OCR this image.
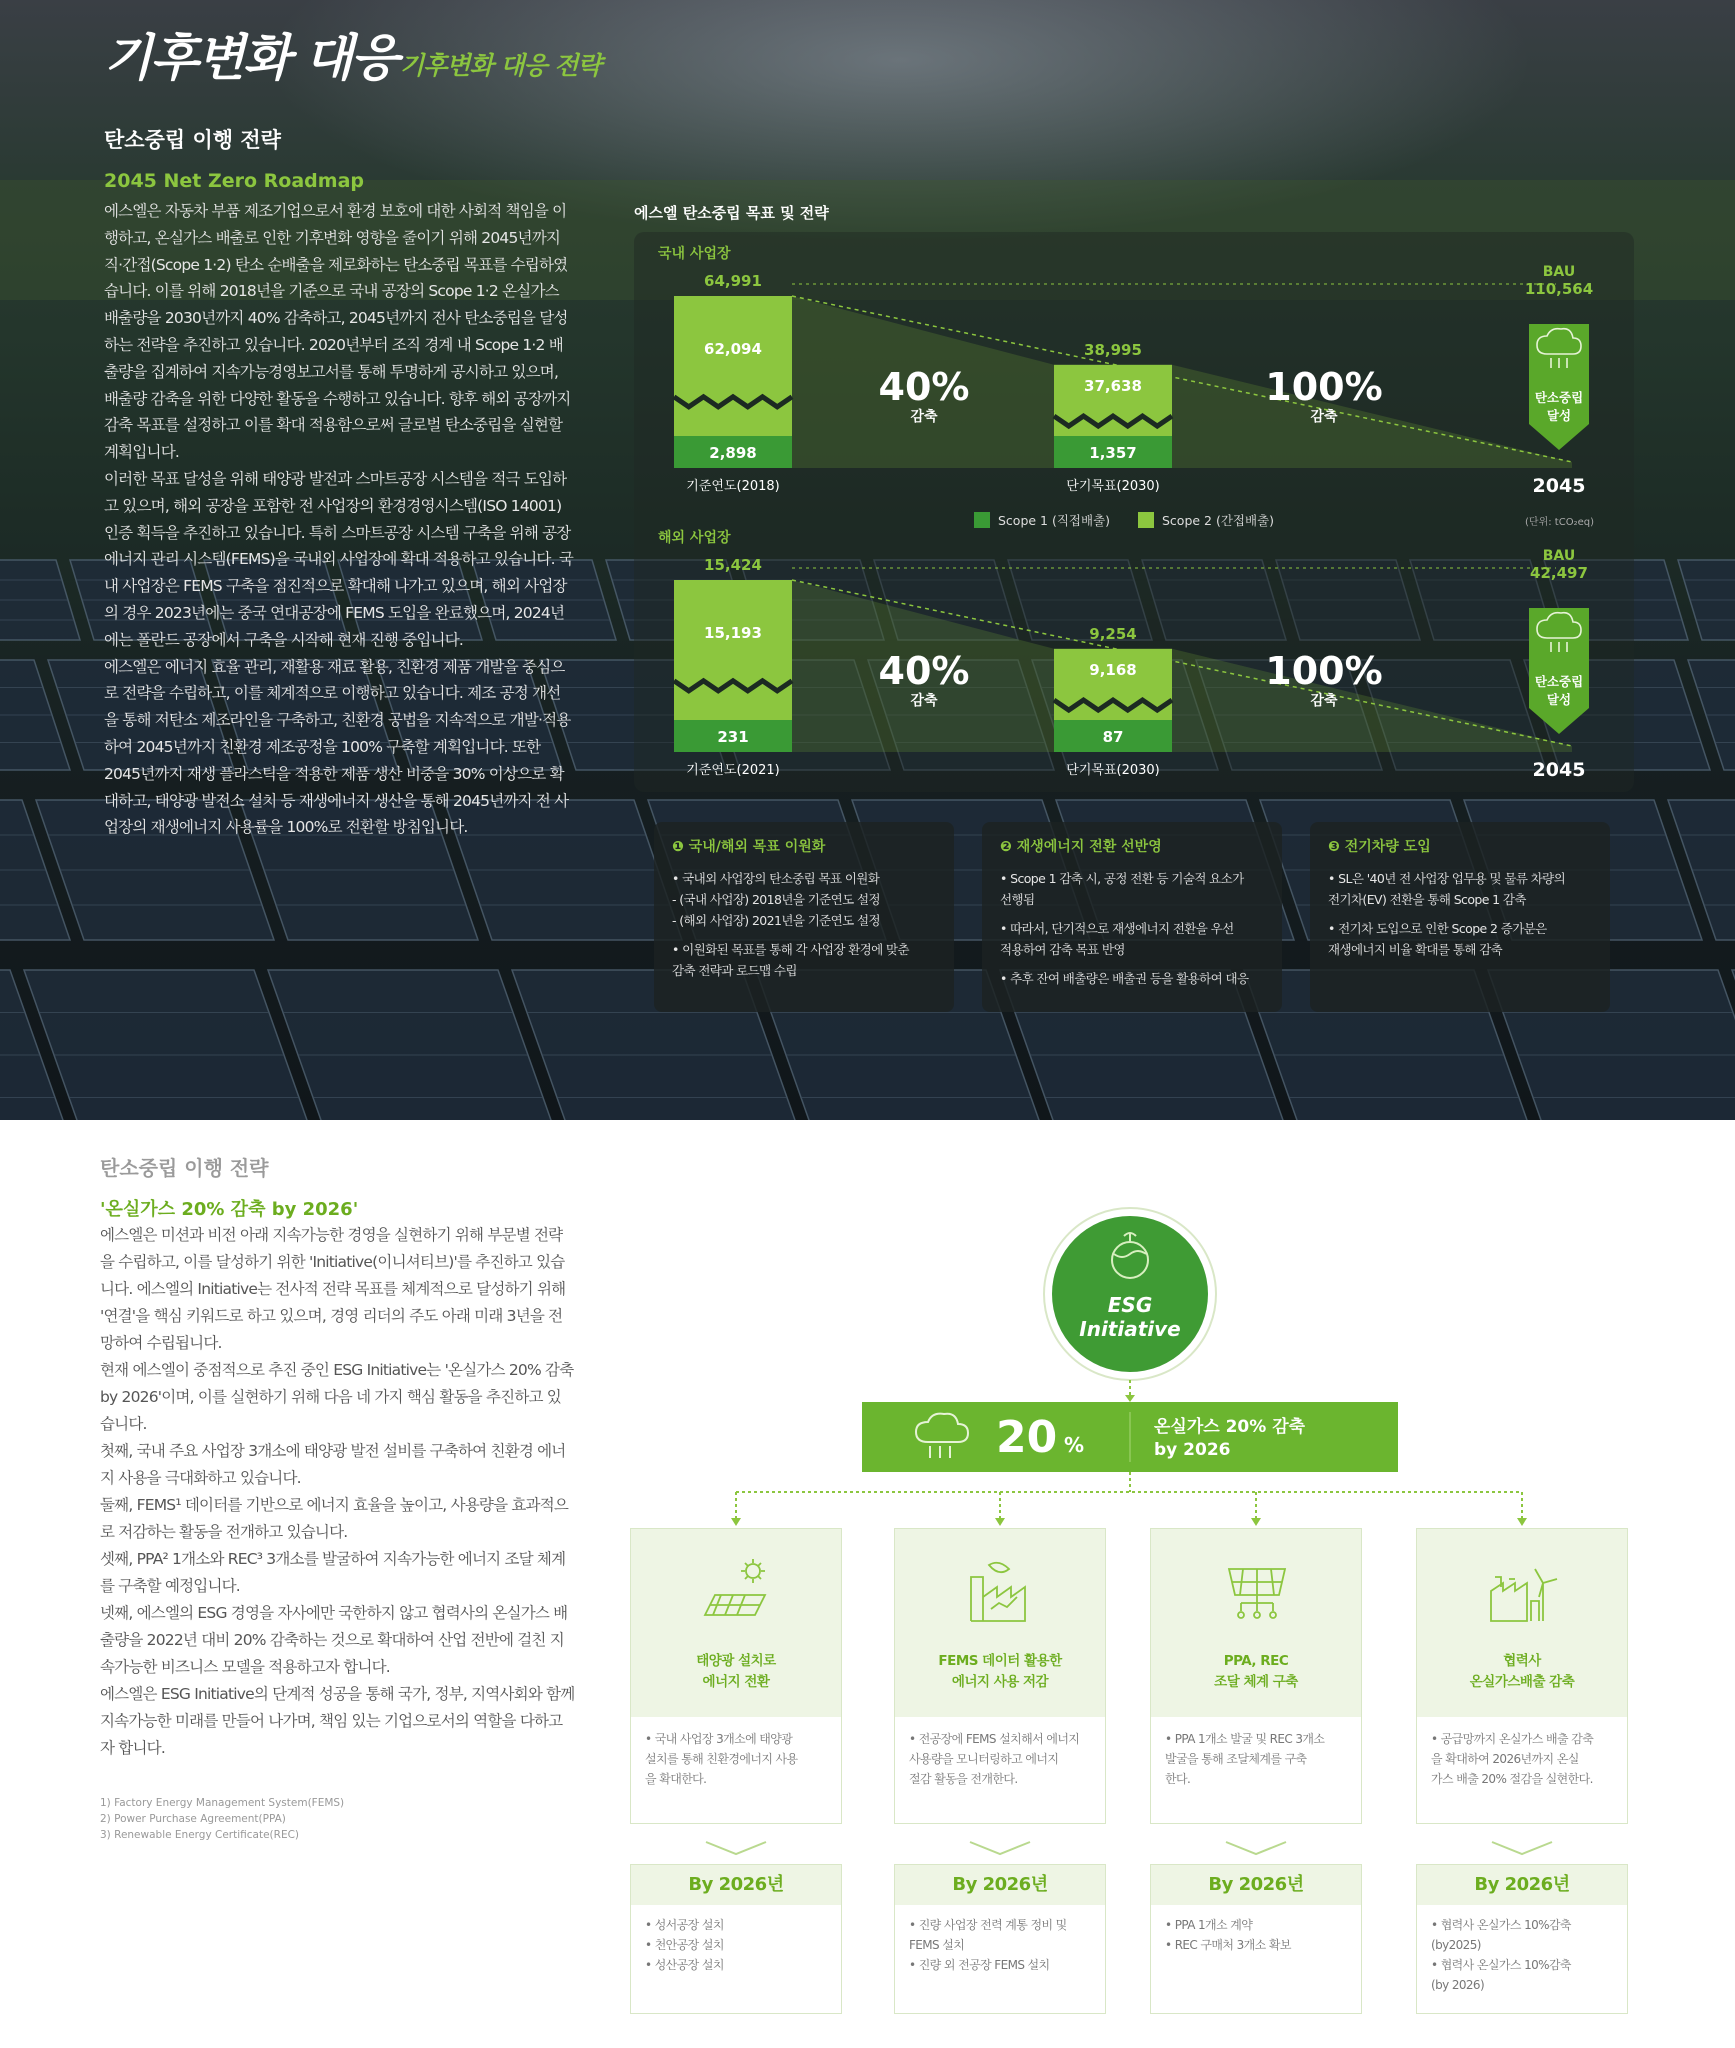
기후변화 대응 기후변화 대응 전략
탄소중립 이행 전략
2045 Net Zero Roadmap

에스엘은 자동차 부품 제조기업으로서 환경 보호에 대한 사회적 책임을 이행하고, 온실가스 배출로 인한 기후변화 영향을 줄이기 위해 2045년까지 직·간접(Scope 1·2) 탄소 순배출을 제로화하는 탄소중립 목표를 수립하였습니다. 이를 위해 2018년을 기준으로 국내 공장의 Scope 1·2 온실가스 배출량을 2030년까지 40% 감축하고, 2045년까지 전사 탄소중립을 달성하는 전략을 추진하고 있습니다. 2020년부터 조직 경계 내 Scope 1·2 배출량을 집계하여 지속가능경영보고서를 통해 투명하게 공시하고 있으며, 배출량 감축을 위한 다양한 활동을 수행하고 있습니다. 향후 해외 공장까지 감축 목표를 설정하고 이를 확대 적용함으로써 글로벌 탄소중립을 실현할 계획입니다.

이러한 목표 달성을 위해 태양광 발전과 스마트공장 시스템을 적극 도입하고 있으며, 해외 공장을 포함한 전 사업장의 환경경영시스템(ISO 14001) 인증 획득을 추진하고 있습니다. 특히 스마트공장 시스템 구축을 위해 공장 에너지 관리 시스템(FEMS)을 국내외 사업장에 확대 적용하고 있습니다. 국내 사업장은 FEMS 구축을 점진적으로 확대해 나가고 있으며, 해외 사업장의 경우 2023년에는 중국 연대공장에 FEMS 도입을 완료했으며, 2024년에는 폴란드 공장에서 구축을 시작해 현재 진행 중입니다.

에스엘은 에너지 효율 관리, 재활용 재료 활용, 친환경 제품 개발을 중심으로 전략을 수립하고, 이를 체계적으로 이행하고 있습니다. 제조 공정 개선을 통해 저탄소 제조라인을 구축하고, 친환경 공법을 지속적으로 개발·적용하여 2045년까지 친환경 제조공정을 100% 구축할 계획입니다. 또한 2045년까지 재생 플라스틱을 적용한 제품 생산 비중을 30% 이상으로 확대하고, 태양광 발전소 설치 등 재생에너지 생산을 통해 2045년까지 전 사업장의 재생에너지 사용률을 100%로 전환할 방침입니다.

에스엘 탄소중립 목표 및 전략
국내 사업장
64,991
62,094
2,898
기준연도(2018)
38,995
37,638
1,357
단기목표(2030)
40%
감축
100%
감축
BAU
110,564
탄소중립
달성
2045
해외 사업장
15,424
15,193
231
기준연도(2021)
9,254
9,168
87
단기목표(2030)
40%
감축
100%
감축
BAU
42,497
탄소중립
달성
2045
Scope 1 (직접배출)	Scope 2 (간접배출)	(단위: tCO₂eq)
❶ 국내/해외 목표 이원화
• 국내외 사업장의 탄소중립 목표 이원화
- (국내 사업장) 2018년을 기준연도 설정
- (해외 사업장) 2021년을 기준연도 설정
• 이원화된 목표를 통해 각 사업장 환경에 맞춘
감축 전략과 로드맵 수립
❷ 재생에너지 전환 선반영
• Scope 1 감축 시, 공정 전환 등 기술적 요소가
선행됨
• 따라서, 단기적으로 재생에너지 전환을 우선
적용하여 감축 목표 반영
• 추후 잔여 배출량은 배출권 등을 활용하여 대응
❸ 전기차량 도입
• SL은 '40년 전 사업장 업무용 및 물류 차량의
전기차(EV) 전환을 통해 Scope 1 감축
• 전기차 도입으로 인한 Scope 2 증가분은
재생에너지 비율 확대를 통해 감축
탄소중립 이행 전략
'온실가스 20% 감축 by 2026'

에스엘은 미션과 비전 아래 지속가능한 경영을 실현하기 위해 부문별 전략을 수립하고, 이를 달성하기 위한 'Initiative(이니셔티브)'를 추진하고 있습니다. 에스엘의 Initiative는 전사적 전략 목표를 체계적으로 달성하기 위해 '연결'을 핵심 키워드로 하고 있으며, 경영 리더의 주도 아래 미래 3년을 전망하여 수립됩니다.

현재 에스엘이 중점적으로 추진 중인 ESG Initiative는 '온실가스 20% 감축 by 2026'이며, 이를 실현하기 위해 다음 네 가지 핵심 활동을 추진하고 있습니다.

첫째, 국내 주요 사업장 3개소에 태양광 발전 설비를 구축하여 친환경 에너지 사용을 극대화하고 있습니다.

둘째, FEMS¹ 데이터를 기반으로 에너지 효율을 높이고, 사용량을 효과적으로 저감하는 활동을 전개하고 있습니다.

셋째, PPA² 1개소와 REC³ 3개소를 발굴하여 지속가능한 에너지 조달 체계를 구축할 예정입니다.

넷째, 에스엘의 ESG 경영을 자사에만 국한하지 않고 협력사의 온실가스 배출량을 2022년 대비 20% 감축하는 것으로 확대하여 산업 전반에 걸친 지속가능한 비즈니스 모델을 적용하고자 합니다.

에스엘은 ESG Initiative의 단계적 성공을 통해 국가, 정부, 지역사회와 함께 지속가능한 미래를 만들어 나가며, 책임 있는 기업으로서의 역할을 다하고자 합니다.

1) Factory Energy Management System(FEMS)
2) Power Purchase Agreement(PPA)
3) Renewable Energy Certificate(REC)
ESG
Initiative
20 %
온실가스 20% 감축
by 2026
태양광 설치로
에너지 전환
• 국내 사업장 3개소에 태양광
설치를 통해 친환경에너지 사용
을 확대한다.
FEMS 데이터 활용한
에너지 사용 저감
• 전공장에 FEMS 설치해서 에너지
사용량을 모니터링하고 에너지
절감 활동을 전개한다.
PPA, REC
조달 체계 구축
• PPA 1개소 발굴 및 REC 3개소
발굴을 통해 조달체계를 구축
한다.
협력사
온실가스배출 감축
• 공급망까지 온실가스 배출 감축
을 확대하여 2026년까지 온실
가스 배출 20% 절감을 실현한다.
By 2026년
• 성서공장 설치
• 천안공장 설치
• 성산공장 설치
By 2026년
• 진량 사업장 전력 계통 정비 및
FEMS 설치
• 진량 외 전공장 FEMS 설치
By 2026년
• PPA 1개소 계약
• REC 구매처 3개소 확보
By 2026년
• 협력사 온실가스 10%감축
(by2025)
• 협력사 온실가스 10%감축
(by 2026)
